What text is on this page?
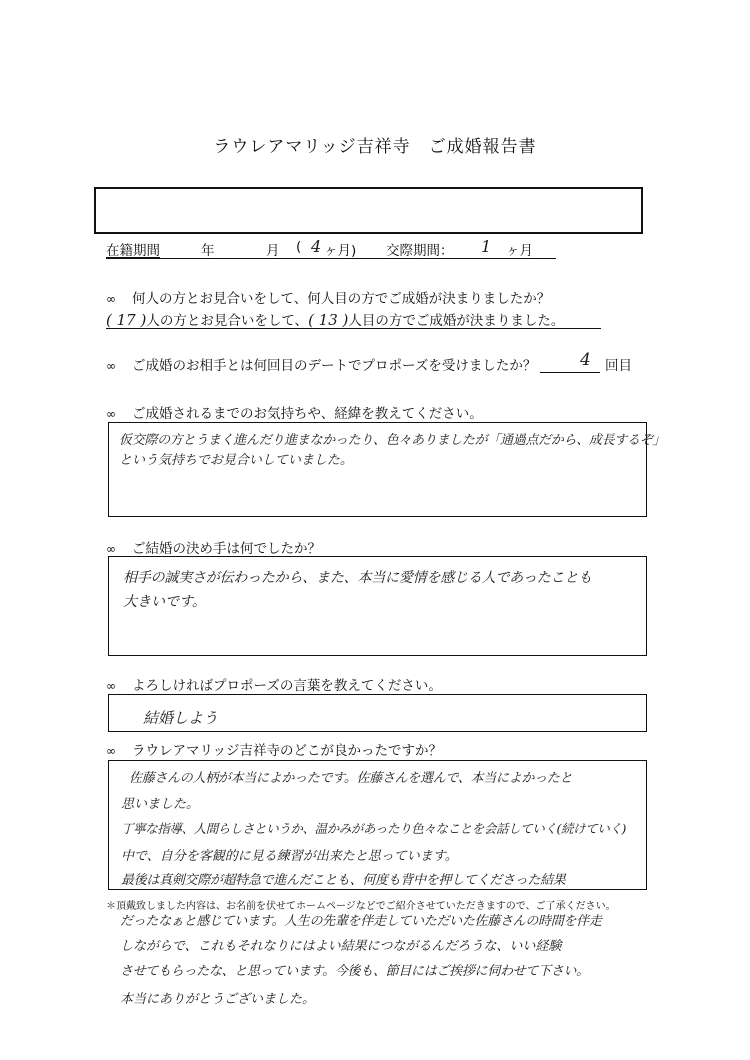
ラウレアマリッジ吉祥寺　ご成婚報告書
在籍期間	年	月 ( 4 ヶ月) 交際期間： 1 ヶ月
∞ 何人の方とお見合いをして、何人目の方でご成婚が決まりましたか？
( 17 )人の方とお見合いをして、( 13 )人目の方でご成婚が決まりました。
∞ ご成婚のお相手とは何回目のデートでプロポーズを受けましたか？	4 回目
∞ ご成婚されるまでのお気持ちや、経緯を教えてください。
仮交際の方とうまく進んだり進まなかったり、色々ありましたが「通過点だから、成長するぞ」
という気持ちでお見合いしていました。
∞ ご結婚の決め手は何でしたか？
相手の誠実さが伝わったから、また、本当に愛情を感じる人であったことも
大きいです。
∞ よろしければプロポーズの言葉を教えてください。
結婚しよう
∞ ラウレアマリッジ吉祥寺のどこが良かったですか？
佐藤さんの人柄が本当によかったです。佐藤さんを選んで、本当によかったと
思いました。
丁寧な指導、人間らしさというか、温かみがあったり色々なことを会話していく(続けていく)
中で、自分を客観的に見る練習が出来たと思っています。
最後は真剣交際が超特急で進んだことも、何度も背中を押してくださった結果
＊頂戴致しました内容は、お名前を伏せてホームページなどでご紹介させていただきますので、ご了承ください。
だったなぁと感じています。人生の先輩を伴走していただいた佐藤さんの時間を伴走
しながらで、これもそれなりにはよい結果につながるんだろうな、いい経験
させてもらったな、と思っています。今後も、節目にはご挨拶に伺わせて下さい。
本当にありがとうございました。
